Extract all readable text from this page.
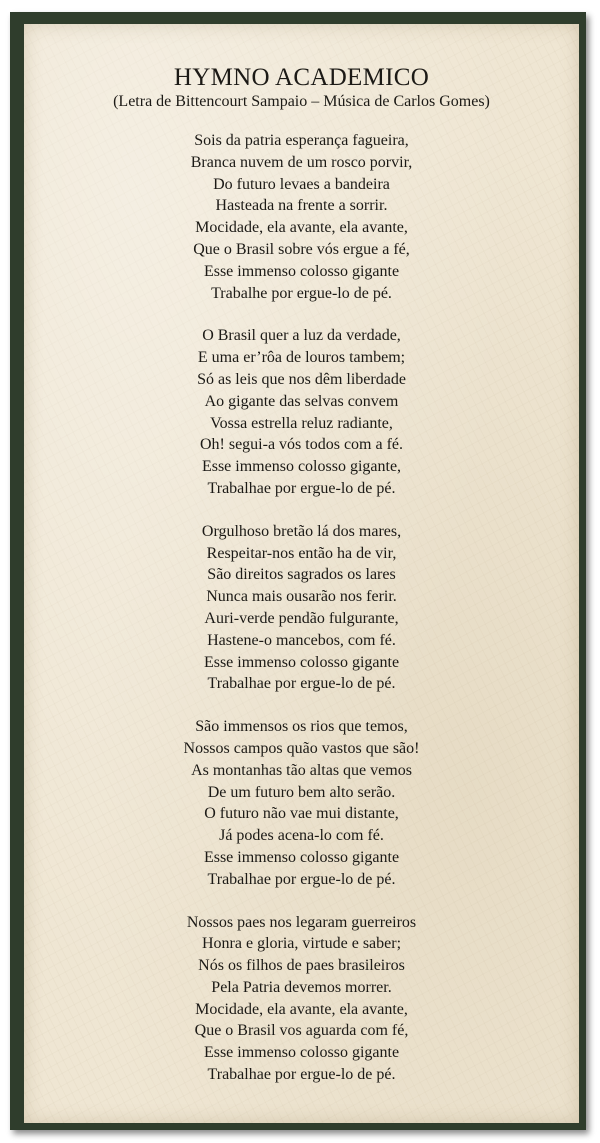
HYMNO ACADEMICO

(Letra de Bittencourt Sampaio – Música de Carlos Gomes)

Sois da patria esperança fagueira,
Branca nuvem de um rosco porvir,
Do futuro levaes a bandeira
Hasteada na frente a sorrir.
Mocidade, ela avante, ela avante,
Que o Brasil sobre vós ergue a fé,
Esse immenso colosso gigante
Trabalhe por ergue-lo de pé.
O Brasil quer a luz da verdade,
E uma er’rôa de louros tambem;
Só as leis que nos dêm liberdade
Ao gigante das selvas convem
Vossa estrella reluz radiante,
Oh! segui-a vós todos com a fé.
Esse immenso colosso gigante,
Trabalhae por ergue-lo de pé.
Orgulhoso bretão lá dos mares,
Respeitar-nos então ha de vir,
São direitos sagrados os lares
Nunca mais ousarão nos ferir.
Auri-verde pendão fulgurante,
Hastene-o mancebos, com fé.
Esse immenso colosso gigante
Trabalhae por ergue-lo de pé.
São immensos os rios que temos,
Nossos campos quão vastos que são!
As montanhas tão altas que vemos
De um futuro bem alto serão.
O futuro não vae mui distante,
Já podes acena-lo com fé.
Esse immenso colosso gigante
Trabalhae por ergue-lo de pé.
Nossos paes nos legaram guerreiros
Honra e gloria, virtude e saber;
Nós os filhos de paes brasileiros
Pela Patria devemos morrer.
Mocidade, ela avante, ela avante,
Que o Brasil vos aguarda com fé,
Esse immenso colosso gigante
Trabalhae por ergue-lo de pé.
